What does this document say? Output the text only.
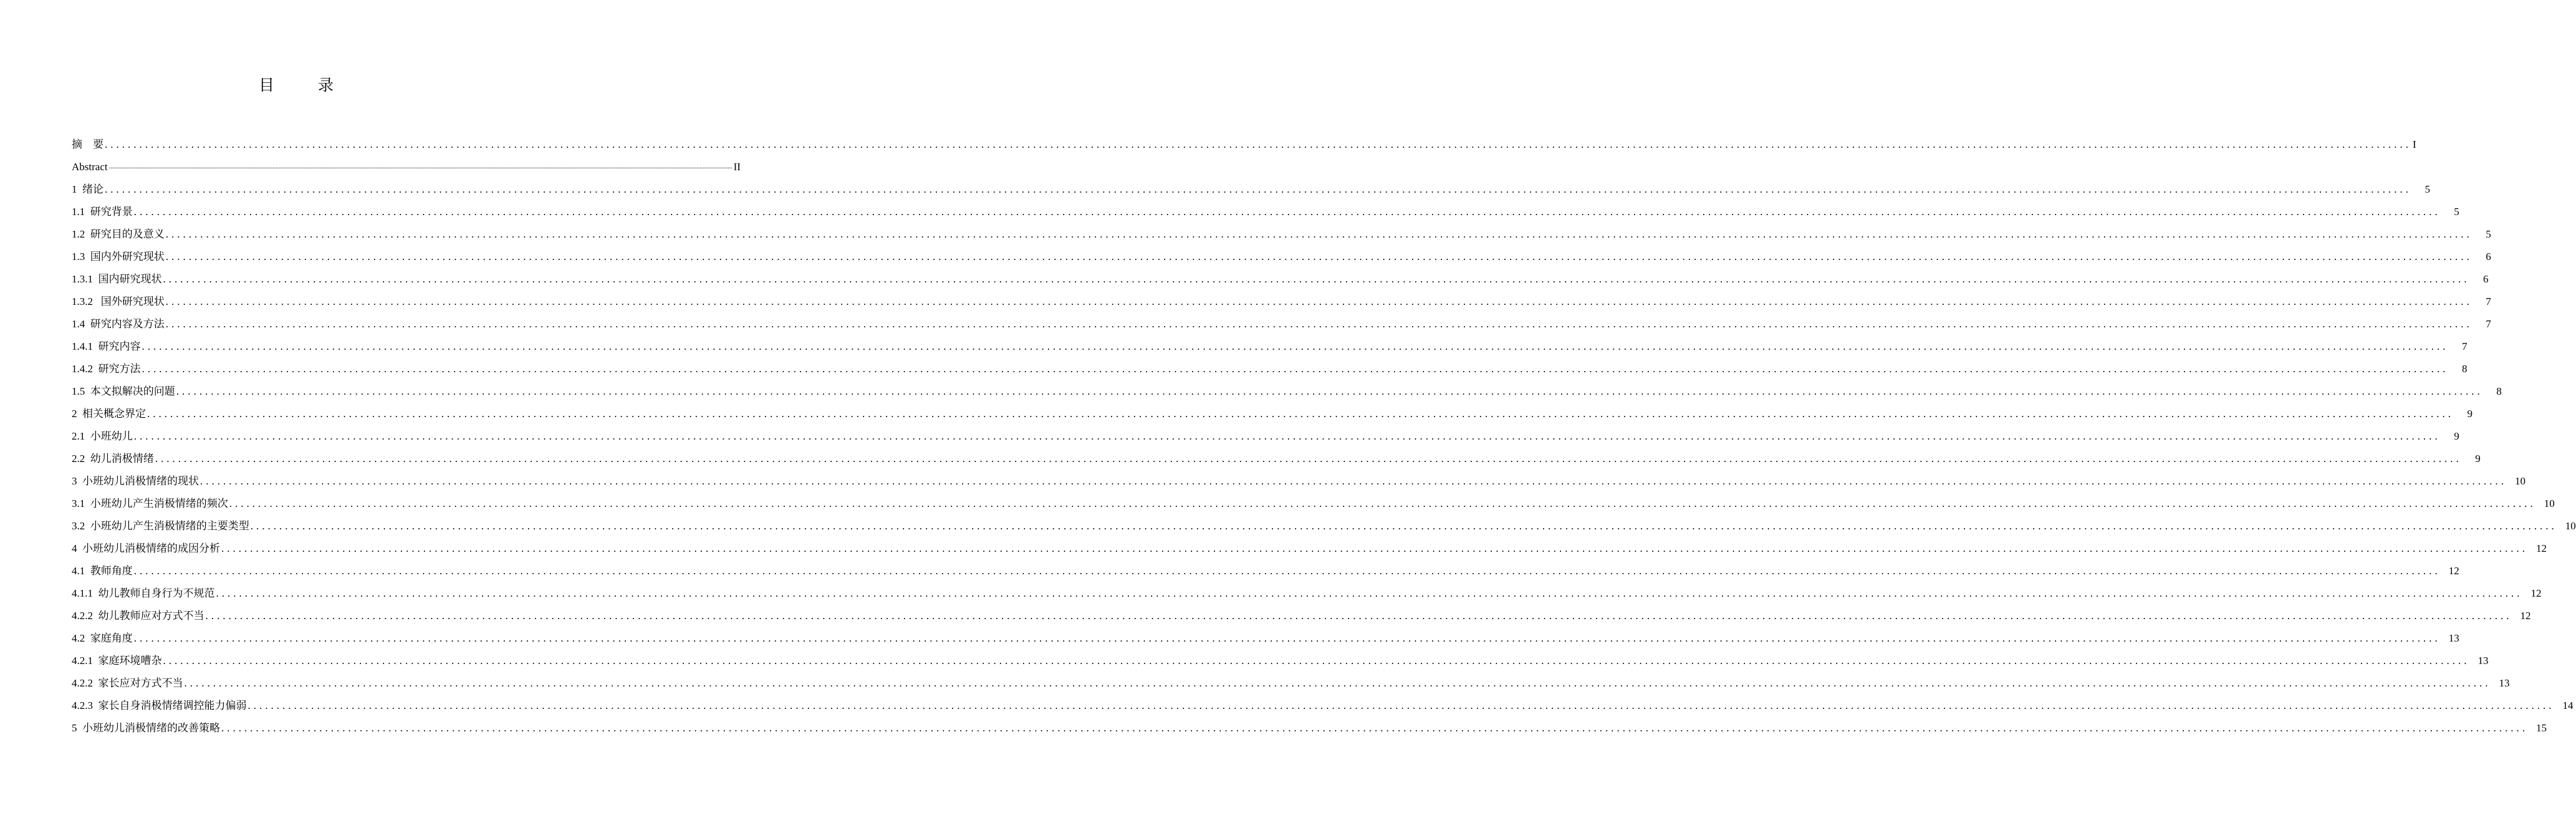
目　录
摘　要 ................................................................................................................................................................................................................................................................................................................................................................................................................ I
Abstract ................................................................................................................................................................................................................................................................................................................................................................................................................ II
1  绪论 ................................................................................................................................................................................................................................................................................................................................................................................................................	5
1.1  研究背景 ................................................................................................................................................................................................................................................................................................................................................................................................................	5
1.2  研究目的及意义 ................................................................................................................................................................................................................................................................................................................................................................................................................	5
1.3  国内外研究现状 ................................................................................................................................................................................................................................................................................................................................................................................................................	6
1.3.1  国内研究现状 ................................................................................................................................................................................................................................................................................................................................................................................................................	6
1.3.2   国外研究现状 ................................................................................................................................................................................................................................................................................................................................................................................................................	7
1.4  研究内容及方法 ................................................................................................................................................................................................................................................................................................................................................................................................................	7
1.4.1  研究内容 ................................................................................................................................................................................................................................................................................................................................................................................................................	7
1.4.2  研究方法 ................................................................................................................................................................................................................................................................................................................................................................................................................	8
1.5  本文拟解决的问题 ................................................................................................................................................................................................................................................................................................................................................................................................................	8
2  相关概念界定 ................................................................................................................................................................................................................................................................................................................................................................................................................	9
2.1  小班幼儿 ................................................................................................................................................................................................................................................................................................................................................................................................................	9
2.2  幼儿消极情绪 ................................................................................................................................................................................................................................................................................................................................................................................................................	9
3  小班幼儿消极情绪的现状 ................................................................................................................................................................................................................................................................................................................................................................................................................ 10
3.1  小班幼儿产生消极情绪的频次 ................................................................................................................................................................................................................................................................................................................................................................................................................ 10
3.2  小班幼儿产生消极情绪的主要类型 ................................................................................................................................................................................................................................................................................................................................................................................................................ 10
4  小班幼儿消极情绪的成因分析 ................................................................................................................................................................................................................................................................................................................................................................................................................ 12
4.1  教师角度 ................................................................................................................................................................................................................................................................................................................................................................................................................ 12
4.1.1  幼儿教师自身行为不规范 ................................................................................................................................................................................................................................................................................................................................................................................................................ 12
4.2.2  幼儿教师应对方式不当 ................................................................................................................................................................................................................................................................................................................................................................................................................ 12
4.2  家庭角度 ................................................................................................................................................................................................................................................................................................................................................................................................................ 13
4.2.1  家庭环境嘈杂 ................................................................................................................................................................................................................................................................................................................................................................................................................ 13
4.2.2  家长应对方式不当 ................................................................................................................................................................................................................................................................................................................................................................................................................ 13
4.2.3  家长自身消极情绪调控能力偏弱 ................................................................................................................................................................................................................................................................................................................................................................................................................ 14
5  小班幼儿消极情绪的改善策略 ................................................................................................................................................................................................................................................................................................................................................................................................................ 15
